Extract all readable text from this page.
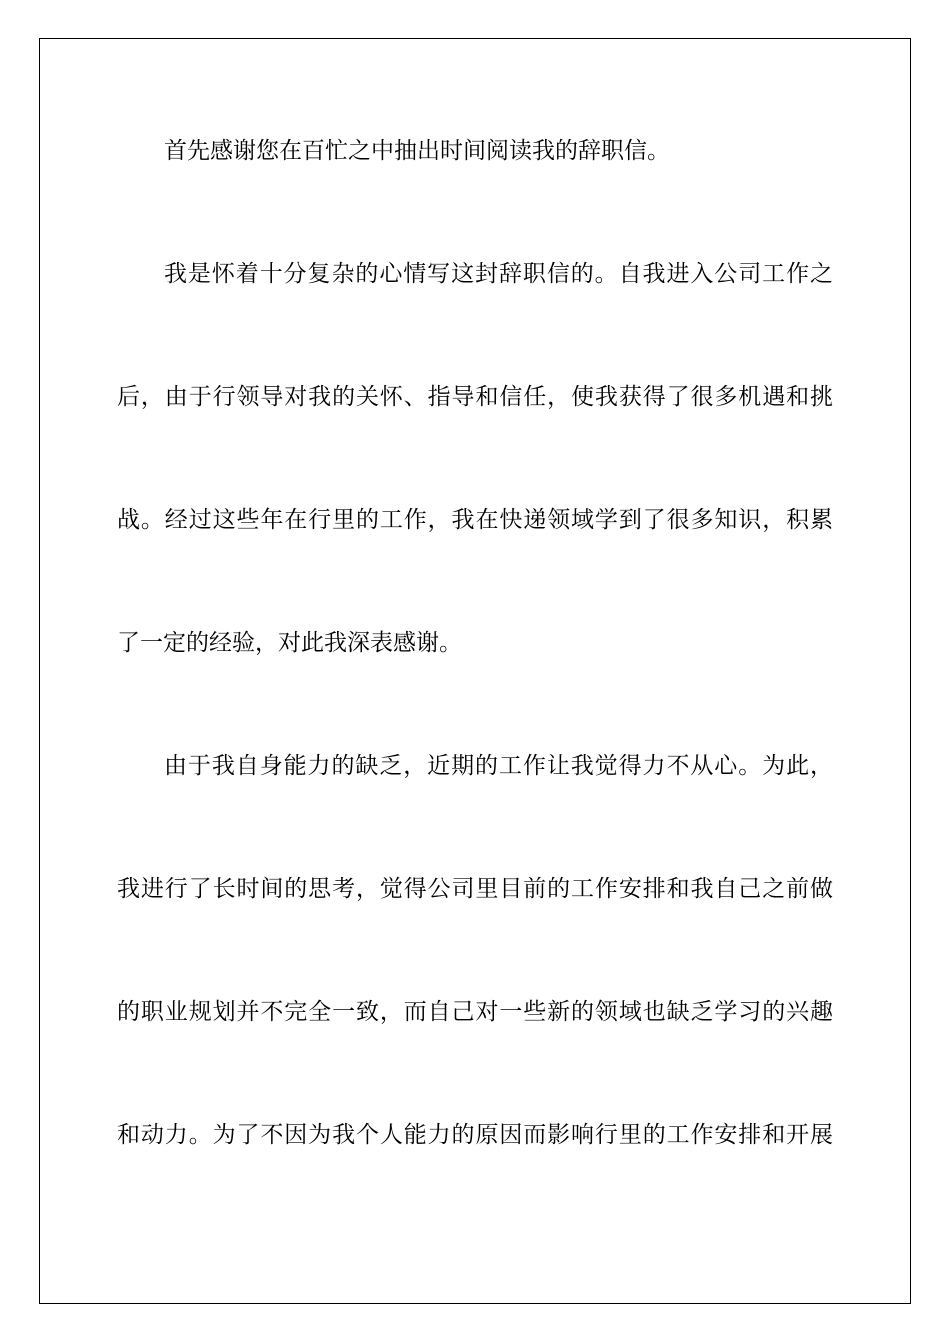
首先感谢您在百忙之中抽出时间阅读我的辞职信。
我是怀着十分复杂的心情写这封辞职信的。自我进入公司工作之
后，由于行领导对我的关怀、指导和信任，使我获得了很多机遇和挑
战。经过这些年在行里的工作，我在快递领域学到了很多知识，积累
了一定的经验，对此我深表感谢。
由于我自身能力的缺乏，近期的工作让我觉得力不从心。为此，
我进行了长时间的思考，觉得公司里目前的工作安排和我自己之前做
的职业规划并不完全一致，而自己对一些新的领域也缺乏学习的兴趣
和动力。为了不因为我个人能力的原因而影响行里的工作安排和开展
